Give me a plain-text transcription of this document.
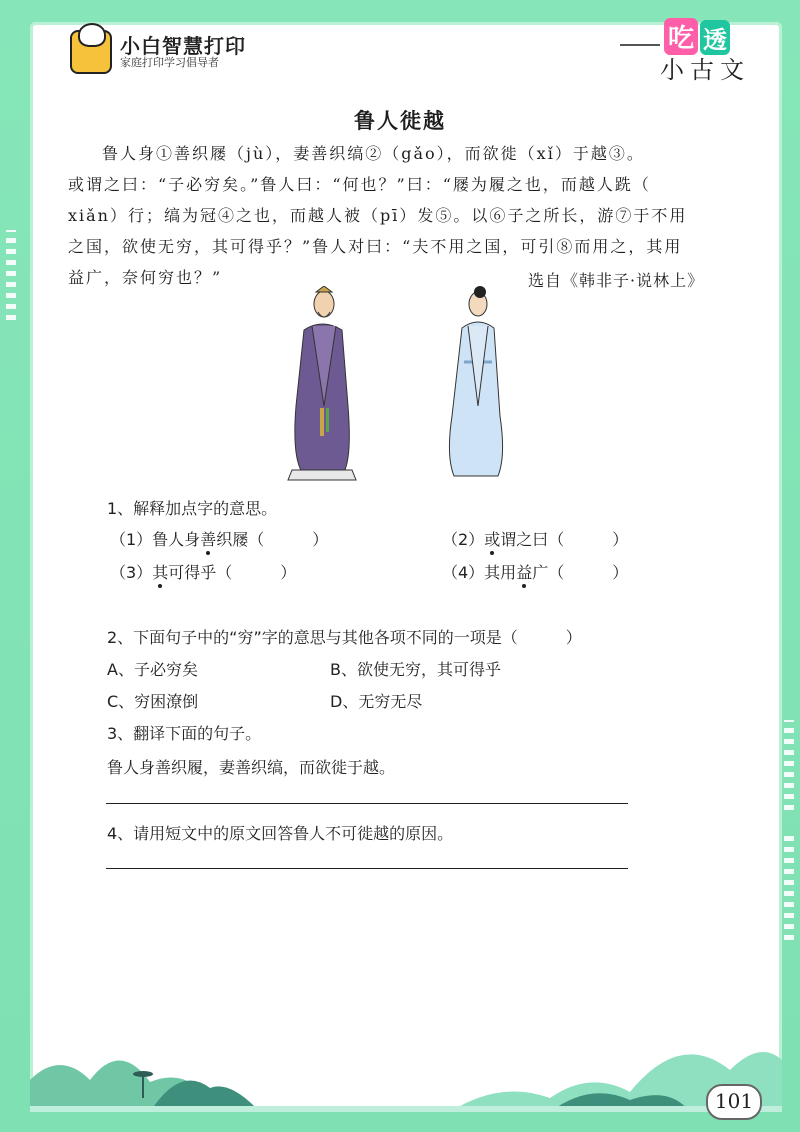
小白智慧打印
家庭打印学习倡导者
吃 透
小古文
鲁人徙越

鲁人身①善织屦（jù），妻善织缟②（gǎo），而欲徙（xǐ）于越③。

或谓之曰：“子必穷矣。”鲁人曰：“何也？”曰：“屦为履之也，而越人跣（
xiǎn）行；缟为冠④之也，而越人被（pī）发⑤。以⑥子之所长，游⑦于不用
之国，欲使无穷，其可得乎？”鲁人对曰：“夫不用之国，可引⑧而用之，其用
益广，奈何穷也？”	选自《韩非子·说林上》
1、解释加点字的意思。
（1）鲁人身善织屦（　　　）	（2）或谓之曰（　　　）
（3）其可得乎（　　　）	（4）其用益广（　　　）
2、下面句子中的“穷”字的意思与其他各项不同的一项是（　　　）
A、子必穷矣	B、欲使无穷，其可得乎
C、穷困潦倒	D、无穷无尽
3、翻译下面的句子。
鲁人身善织履，妻善织缟，而欲徙于越。
4、请用短文中的原文回答鲁人不可徙越的原因。
101
